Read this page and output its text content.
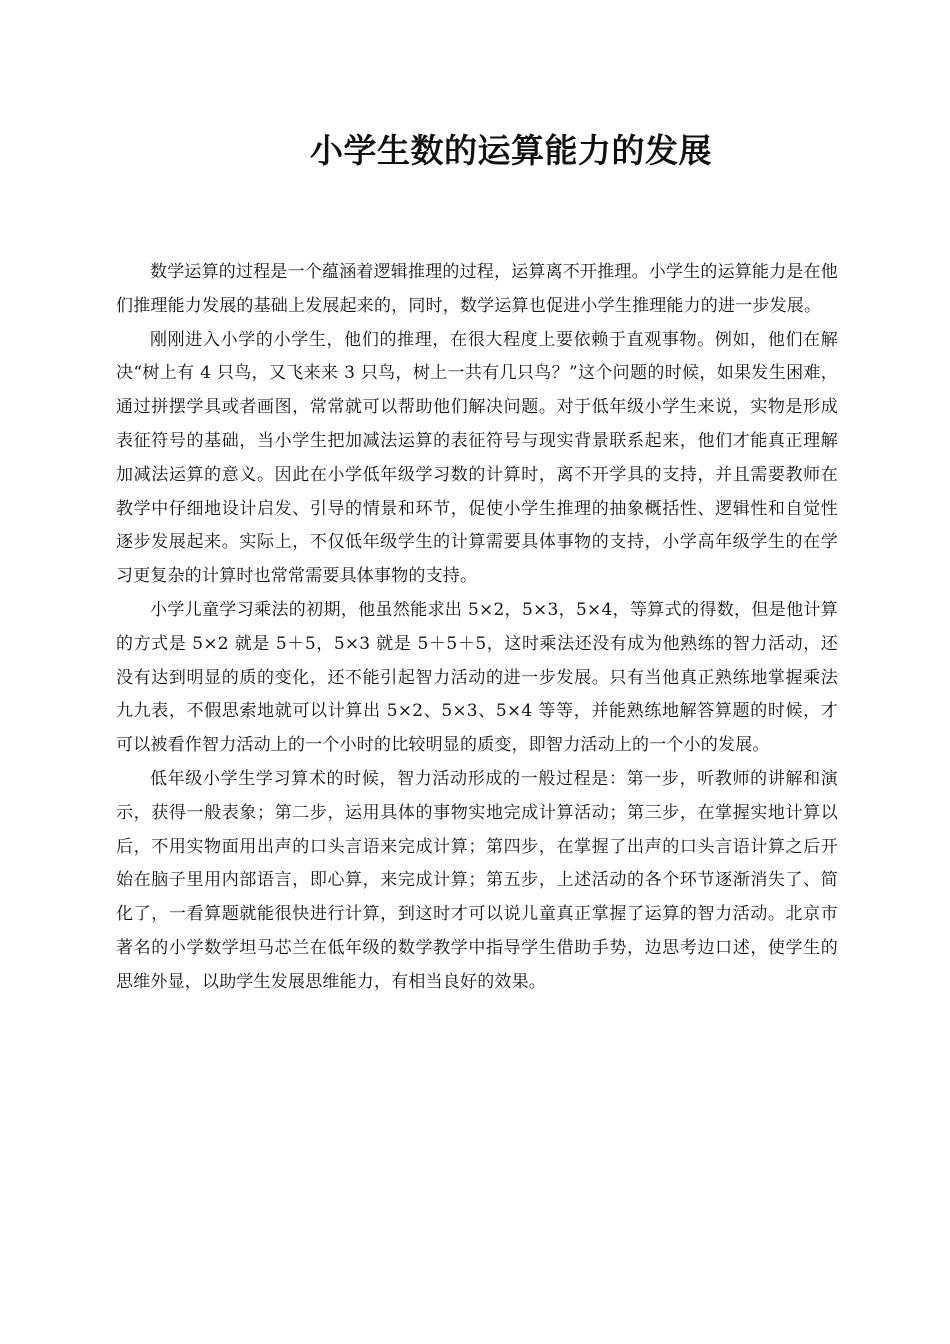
小学生数的运算能力的发展

数学运算的过程是一个蕴涵着逻辑推理的过程，运算离不开推理。小学生的运算能力是在他们推理能力发展的基础上发展起来的，同时，数学运算也促进小学生推理能力的进一步发展。

刚刚进入小学的小学生，他们的推理，在很大程度上要依赖于直观事物。例如，他们在解决“树上有 4 只鸟，又飞来来 3 只鸟，树上一共有几只鸟？”这个问题的时候，如果发生困难，通过拼摆学具或者画图，常常就可以帮助他们解决问题。对于低年级小学生来说，实物是形成表征符号的基础，当小学生把加减法运算的表征符号与现实背景联系起来，他们才能真正理解加减法运算的意义。因此在小学低年级学习数的计算时，离不开学具的支持，并且需要教师在教学中仔细地设计启发、引导的情景和环节，促使小学生推理的抽象概括性、逻辑性和自觉性逐步发展起来。实际上，不仅低年级学生的计算需要具体事物的支持，小学高年级学生的在学习更复杂的计算时也常常需要具体事物的支持。

小学儿童学习乘法的初期，他虽然能求出 5×2，5×3，5×4，等算式的得数，但是他计算的方式是 5×2 就是 5＋5，5×3 就是 5＋5＋5，这时乘法还没有成为他熟练的智力活动，还没有达到明显的质的变化，还不能引起智力活动的进一步发展。只有当他真正熟练地掌握乘法九九表，不假思索地就可以计算出 5×2、5×3、5×4 等等，并能熟练地解答算题的时候，才可以被看作智力活动上的一个小时的比较明显的质变，即智力活动上的一个小的发展。

低年级小学生学习算术的时候，智力活动形成的一般过程是：第一步，听教师的讲解和演示，获得一般表象；第二步，运用具体的事物实地完成计算活动；第三步，在掌握实地计算以后，不用实物面用出声的口头言语来完成计算；第四步，在掌握了出声的口头言语计算之后开始在脑子里用内部语言，即心算，来完成计算；第五步，上述活动的各个环节逐渐消失了、简化了，一看算题就能很快进行计算，到这时才可以说儿童真正掌握了运算的智力活动。北京市著名的小学数学坦马芯兰在低年级的数学教学中指导学生借助手势，边思考边口述，使学生的思维外显，以助学生发展思维能力，有相当良好的效果。
